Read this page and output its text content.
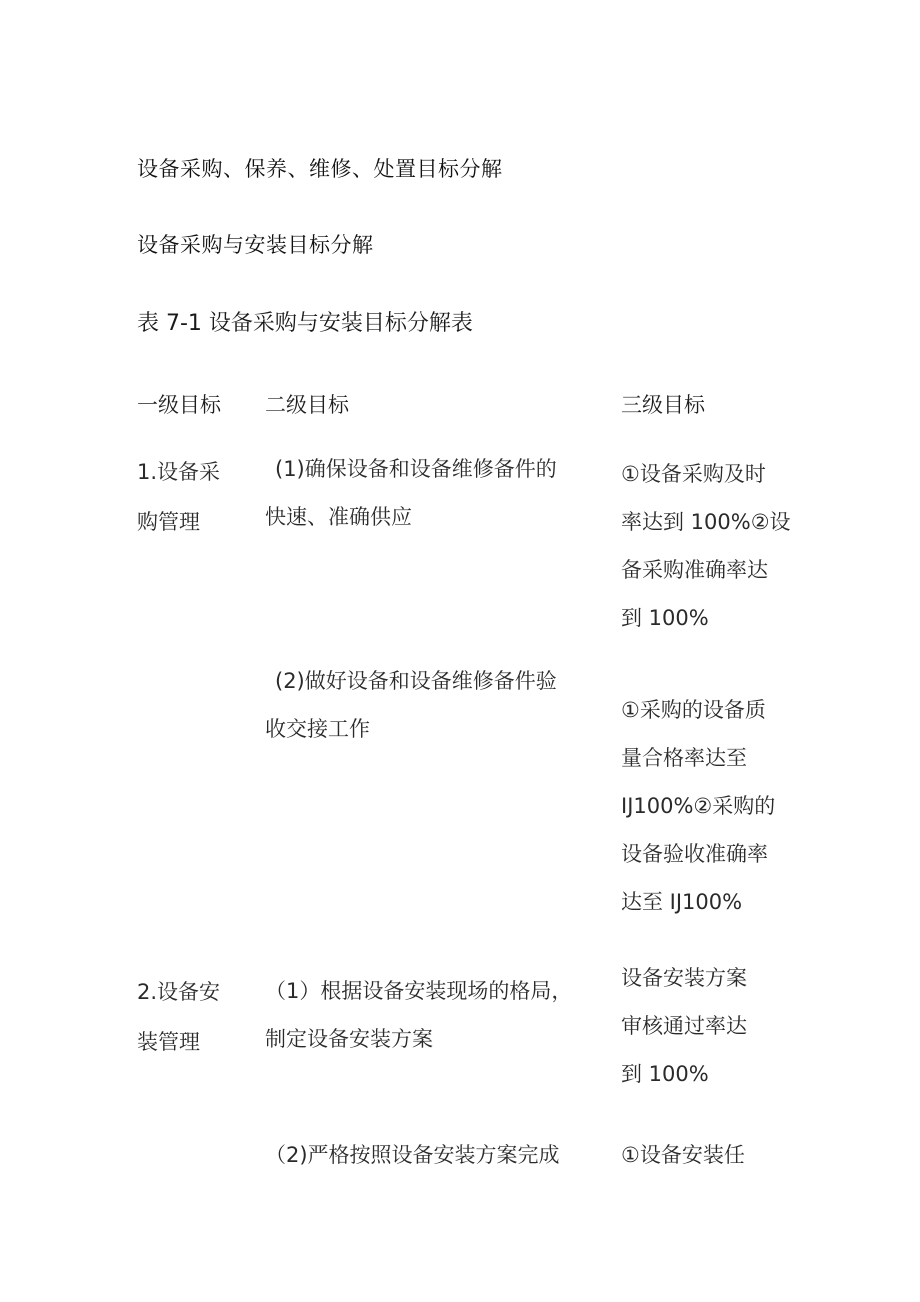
设备采购、保养、维修、处置目标分解
设备采购与安装目标分解
表 7-1 设备采购与安装目标分解表
一级目标 二级目标	三级目标
1.设备采
购管理
(1)确保设备和设备维修备件的
快速、准确供应
①设备采购及时
率达到 100%②设
备采购准确率达
到 100%
(2)做好设备和设备维修备件验
收交接工作
①采购的设备质
量合格率达至
IJ100%②采购的
设备验收准确率
达至 IJ100%
2.设备安
装管理
（1）根据设备安装现场的格局，
制定设备安装方案
设备安装方案
审核通过率达
到 100%
（2)严格按照设备安装方案完成	①设备安装任
